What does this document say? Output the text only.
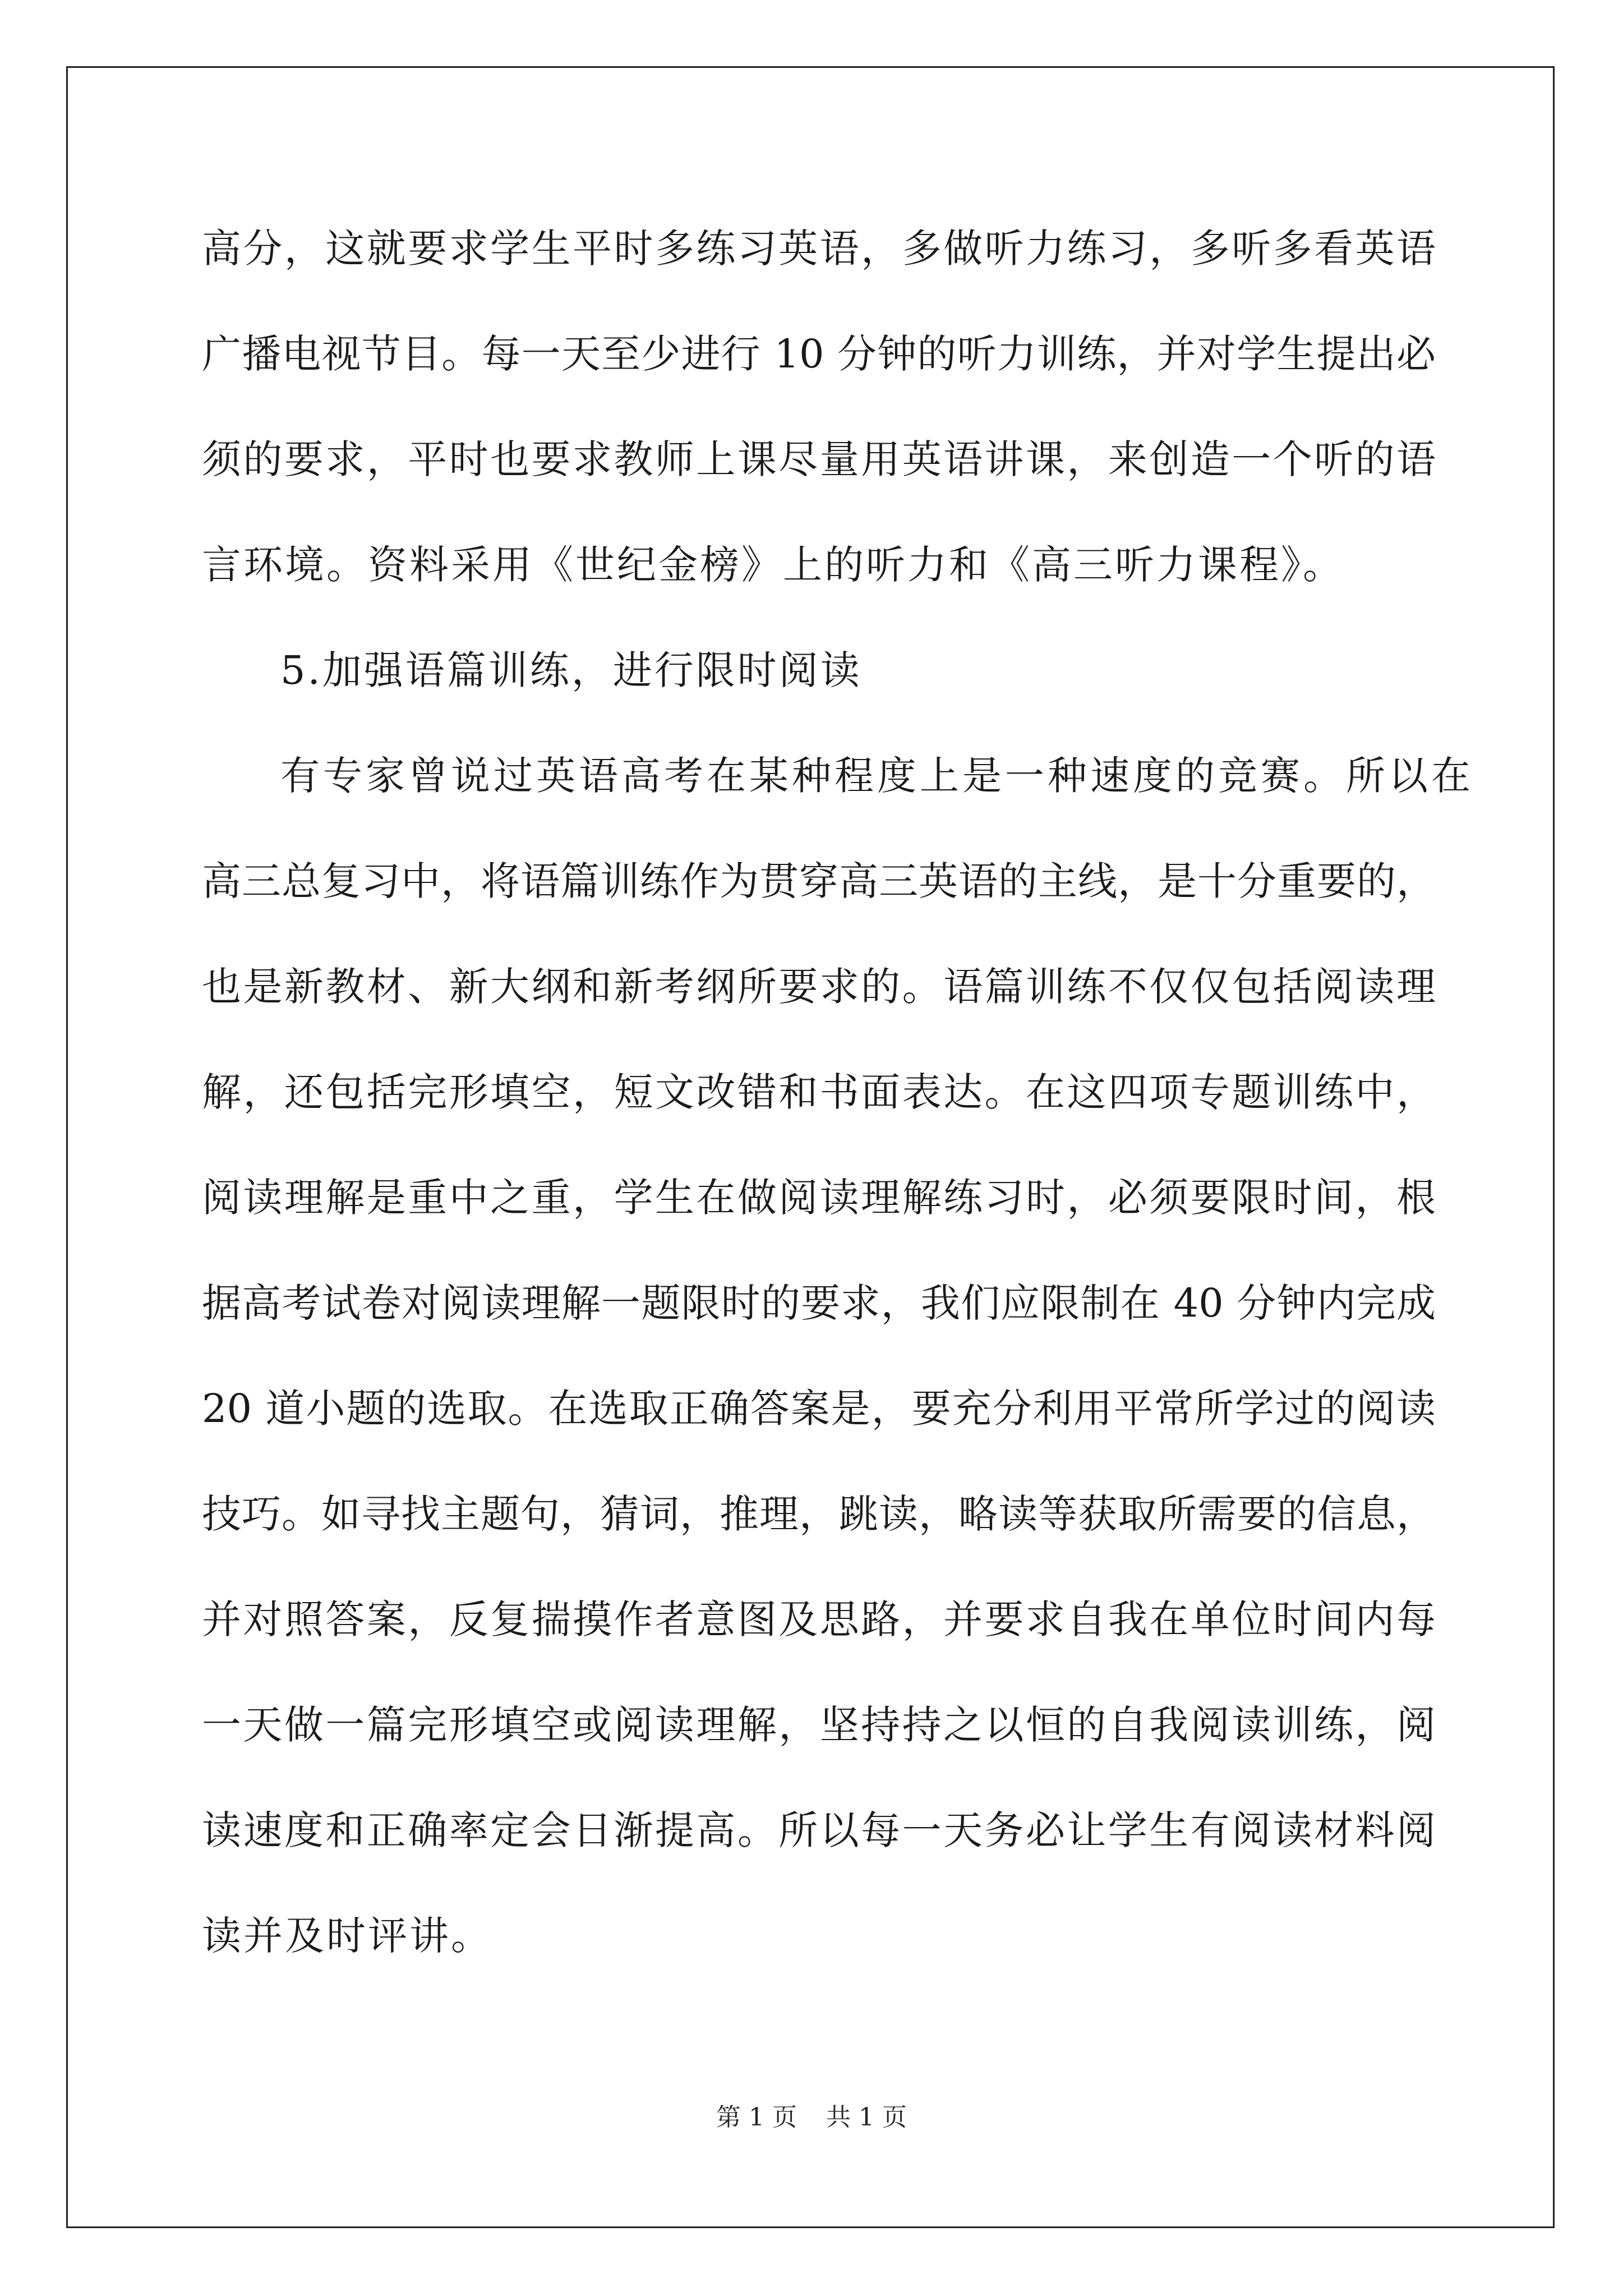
高分，这就要求学生平时多练习英语，多做听力练习，多听多看英语
广播电视节目。每一天至少进行 10 分钟的听力训练，并对学生提出必
须的要求，平时也要求教师上课尽量用英语讲课，来创造一个听的语
言环境。资料采用《世纪金榜》上的听力和《高三听力课程》。
5.加强语篇训练，进行限时阅读
有专家曾说过英语高考在某种程度上是一种速度的竞赛。所以在
高三总复习中，将语篇训练作为贯穿高三英语的主线，是十分重要的，
也是新教材、新大纲和新考纲所要求的。语篇训练不仅仅包括阅读理
解，还包括完形填空，短文改错和书面表达。在这四项专题训练中，
阅读理解是重中之重，学生在做阅读理解练习时，必须要限时间，根
据高考试卷对阅读理解一题限时的要求，我们应限制在 40 分钟内完成
20 道小题的选取。在选取正确答案是，要充分利用平常所学过的阅读
技巧。如寻找主题句，猜词，推理，跳读，略读等获取所需要的信息，
并对照答案，反复揣摸作者意图及思路，并要求自我在单位时间内每
一天做一篇完形填空或阅读理解，坚持持之以恒的自我阅读训练，阅
读速度和正确率定会日渐提高。所以每一天务必让学生有阅读材料阅
读并及时评讲。
第 1 页 共 1 页
